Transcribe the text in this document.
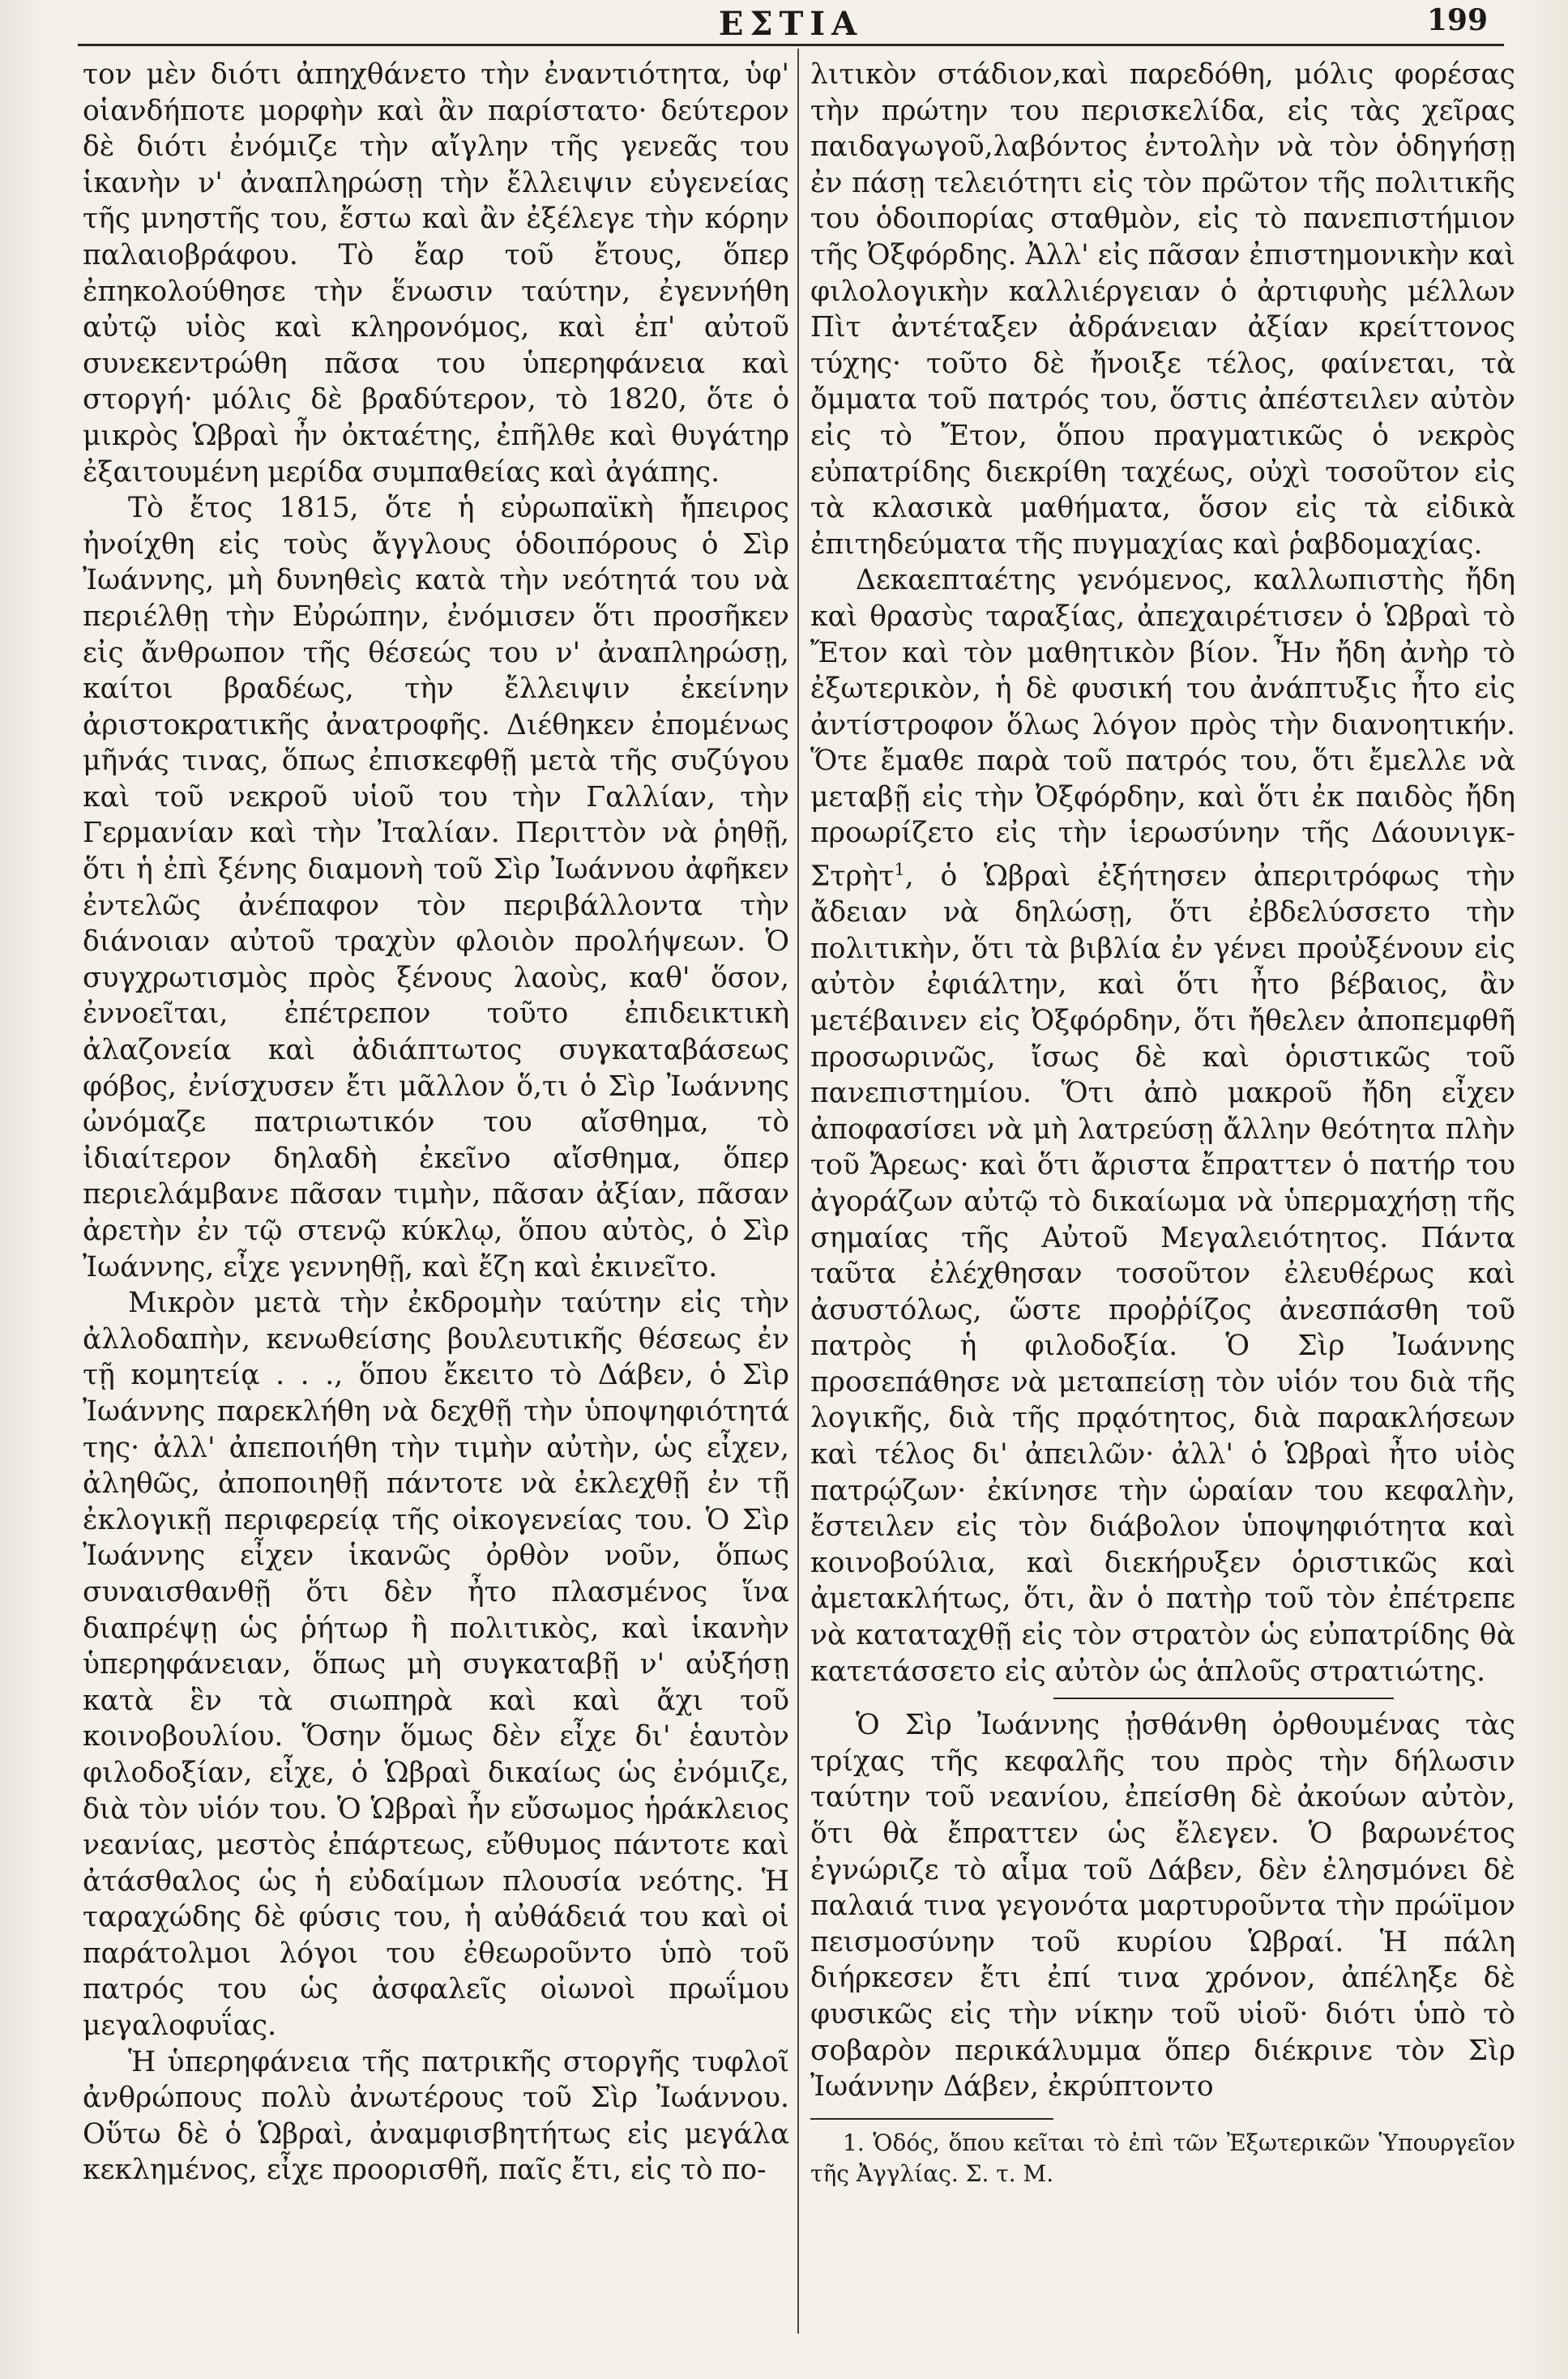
ΕΣΤΙΑ	199

τον μὲν διότι ἀπηχθάνετο τὴν ἐναντιότητα, ὑφ' οἱανδήποτε μορφὴν καὶ ἂν παρίστατο· δεύτερον δὲ διότι ἐνόμιζε τὴν αἴγλην τῆς γενεᾶς του ἱκανὴν ν' ἀναπληρώσῃ τὴν ἔλλειψιν εὐγενείας τῆς μνηστῆς του, ἔστω καὶ ἂν ἐξέλεγε τὴν κόρην παλαιοβράφου. Τὸ ἔαρ τοῦ ἔτους, ὅπερ ἐπηκολούθησε τὴν ἕνωσιν ταύτην, ἐγεννήθη αὐτῷ υἱὸς καὶ κληρονόμος, καὶ ἐπ' αὐτοῦ συνεκεντρώθη πᾶσα του ὑπερηφάνεια καὶ στοργή· μόλις δὲ βραδύτερον, τὸ 1820, ὅτε ὁ μικρὸς Ὡβραὶ ἦν ὀκταέτης, ἐπῆλθε καὶ θυγάτηρ ἐξαιτουμένη μερίδα συμπαθείας καὶ ἀγάπης.

Τὸ ἔτος 1815, ὅτε ἡ εὐρωπαϊκὴ ἤπειρος ἠνοίχθη εἰς τοὺς ἄγγλους ὁδοιπόρους ὁ Σὶρ Ἰωάννης, μὴ δυνηθεὶς κατὰ τὴν νεότητά του νὰ περιέλθῃ τὴν Εὐρώπην, ἐνόμισεν ὅτι προσῆκεν εἰς ἄνθρωπον τῆς θέσεώς του ν' ἀναπληρώσῃ, καίτοι βραδέως, τὴν ἔλλειψιν ἐκείνην ἀριστοκρατικῆς ἀνατροφῆς. Διέθηκεν ἐπομένως μῆνάς τινας, ὅπως ἐπισκεφθῇ μετὰ τῆς συζύγου καὶ τοῦ νεκροῦ υἱοῦ του τὴν Γαλλίαν, τὴν Γερμανίαν καὶ τὴν Ἰταλίαν. Περιττὸν νὰ ῥηθῇ, ὅτι ἡ ἐπὶ ξένης διαμονὴ τοῦ Σὶρ Ἰωάννου ἀφῆκεν ἐντελῶς ἀνέπαφον τὸν περιβάλλοντα τὴν διάνοιαν αὐτοῦ τραχὺν φλοιὸν προλήψεων. Ὁ συγχρωτισμὸς πρὸς ξένους λαοὺς, καθ' ὅσον, ἐννοεῖται, ἐπέτρεπον τοῦτο ἐπιδεικτικὴ ἀλαζονεία καὶ ἀδιάπτωτος συγκαταβάσεως φόβος, ἐνίσχυσεν ἔτι μᾶλλον ὅ,τι ὁ Σὶρ Ἰωάννης ὠνόμαζε πατριωτικόν του αἴσθημα, τὸ ἰδιαίτερον δηλαδὴ ἐκεῖνο αἴσθημα, ὅπερ περιελάμβανε πᾶσαν τιμὴν, πᾶσαν ἀξίαν, πᾶσαν ἀρετὴν ἐν τῷ στενῷ κύκλῳ, ὅπου αὐτὸς, ὁ Σὶρ Ἰωάννης, εἶχε γεννηθῇ, καὶ ἔζη καὶ ἐκινεῖτο.

Μικρὸν μετὰ τὴν ἐκδρομὴν ταύτην εἰς τὴν ἀλλοδαπὴν, κενωθείσης βουλευτικῆς θέσεως ἐν τῇ κομητείᾳ . . ., ὅπου ἔκειτο τὸ Δάβεν, ὁ Σὶρ Ἰωάννης παρεκλήθη νὰ δεχθῇ τὴν ὑποψηφιότητά της· ἀλλ' ἀπεποιήθη τὴν τιμὴν αὐτὴν, ὡς εἶχεν, ἀληθῶς, ἀποποιηθῇ πάντοτε νὰ ἐκλεχθῇ ἐν τῇ ἐκλογικῇ περιφερείᾳ τῆς οἰκογενείας του. Ὁ Σὶρ Ἰωάννης εἶχεν ἱκανῶς ὀρθὸν νοῦν, ὅπως συναισθανθῇ ὅτι δὲν ἦτο πλασμένος ἵνα διαπρέψῃ ὡς ῥήτωρ ἢ πολιτικὸς, καὶ ἱκανὴν ὑπερηφάνειαν, ὅπως μὴ συγκαταβῇ ν' αὐξήσῃ κατὰ ἓν τὰ σιωπηρὰ καὶ καὶ ἄχι τοῦ κοινοβουλίου. Ὅσην ὅμως δὲν εἶχε δι' ἑαυτὸν φιλοδοξίαν, εἶχε, ὁ Ὡβραὶ δικαίως ὡς ἐνόμιζε, διὰ τὸν υἱόν του. Ὁ Ὡβραὶ ἦν εὔσωμος ἡράκλειος νεανίας, μεστὸς ἐπάρτεως, εὔθυμος πάντοτε καὶ ἀτάσθαλος ὡς ἡ εὐδαίμων πλουσία νεότης. Ἡ ταραχώδης δὲ φύσις του, ἡ αὐθάδειά του καὶ οἱ παράτολμοι λόγοι του ἐθεωροῦντο ὑπὸ τοῦ πατρός του ὡς ἀσφαλεῖς οἰωνοὶ πρωΐμου μεγαλοφυΐας.

Ἡ ὑπερηφάνεια τῆς πατρικῆς στοργῆς τυφλοῖ ἀνθρώπους πολὺ ἀνωτέρους τοῦ Σὶρ Ἰωάννου. Οὕτω δὲ ὁ Ὡβραὶ, ἀναμφισβητήτως εἰς μεγάλα κεκλημένος, εἶχε προορισθῆ, παῖς ἔτι, εἰς τὸ πο-

λιτικὸν στάδιον,καὶ παρεδόθη, μόλις φορέσας τὴν πρώτην του περισκελίδα, εἰς τὰς χεῖρας παιδαγωγοῦ,λαβόντος ἐντολὴν νὰ τὸν ὁδηγήσῃ ἐν πάσῃ τελειότητι εἰς τὸν πρῶτον τῆς πολιτικῆς του ὁδοιπορίας σταθμὸν, εἰς τὸ πανεπιστήμιον τῆς Ὀξφόρδης. Ἀλλ' εἰς πᾶσαν ἐπιστημονικὴν καὶ φιλολογικὴν καλλιέργειαν ὁ ἀρτιφυὴς μέλλων Πὶτ ἀντέταξεν ἀδράνειαν ἀξίαν κρείττονος τύχης· τοῦτο δὲ ἤνοιξε τέλος, φαίνεται, τὰ ὄμματα τοῦ πατρός του, ὅστις ἀπέστειλεν αὐτὸν εἰς τὸ Ἔτον, ὅπου πραγματικῶς ὁ νεκρὸς εὐπατρίδης διεκρίθη ταχέως, οὐχὶ τοσοῦτον εἰς τὰ κλασικὰ μαθήματα, ὅσον εἰς τὰ εἰδικὰ ἐπιτηδεύματα τῆς πυγμαχίας καὶ ῥαβδομαχίας.

Δεκαεπταέτης γενόμενος, καλλωπιστὴς ἤδη καὶ θρασὺς ταραξίας, ἀπεχαιρέτισεν ὁ Ὡβραὶ τὸ Ἔτον καὶ τὸν μαθητικὸν βίον. Ἦν ἤδη ἀνὴρ τὸ ἐξωτερικὸν, ἡ δὲ φυσική του ἀνάπτυξις ἦτο εἰς ἀντίστροφον ὅλως λόγον πρὸς τὴν διανοητικήν. Ὅτε ἔμαθε παρὰ τοῦ πατρός του, ὅτι ἔμελλε νὰ μεταβῇ εἰς τὴν Ὀξφόρδην, καὶ ὅτι ἐκ παιδὸς ἤδη προωρίζετο εἰς τὴν ἱερωσύνην τῆς Δάουνιγκ-Στρὴτ$^1$, ὁ Ὡβραὶ ἐξήτησεν ἀπεριτρόφως τὴν ἄδειαν νὰ δηλώσῃ, ὅτι ἐβδελύσσετο τὴν πολιτικὴν, ὅτι τὰ βιβλία ἐν γένει προὐξένουν εἰς αὐτὸν ἐφιάλτην, καὶ ὅτι ἦτο βέβαιος, ἂν μετέβαινεν εἰς Ὀξφόρδην, ὅτι ἤθελεν ἀποπεμφθῆ προσωρινῶς, ἴσως δὲ καὶ ὁριστικῶς τοῦ πανεπιστημίου. Ὅτι ἀπὸ μακροῦ ἤδη εἶχεν ἀποφασίσει νὰ μὴ λατρεύσῃ ἄλλην θεότητα πλὴν τοῦ Ἄρεως· καὶ ὅτι ἄριστα ἔπραττεν ὁ πατήρ του ἀγοράζων αὐτῷ τὸ δικαίωμα νὰ ὑπερμαχήσῃ τῆς σημαίας τῆς Αὐτοῦ Μεγαλειότητος. Πάντα ταῦτα ἐλέχθησαν τοσοῦτον ἐλευθέρως καὶ ἀσυστόλως, ὥστε προῤῥίζος ἀνεσπάσθη τοῦ πατρὸς ἡ φιλοδοξία. Ὁ Σὶρ Ἰωάννης προσεπάθησε νὰ μεταπείσῃ τὸν υἱόν του διὰ τῆς λογικῆς, διὰ τῆς πρᾳότητος, διὰ παρακλήσεων καὶ τέλος δι' ἀπειλῶν· ἀλλ' ὁ Ὡβραὶ ἦτο υἱὸς πατρῴζων· ἐκίνησε τὴν ὡραίαν του κεφαλὴν, ἔστειλεν εἰς τὸν διάβολον ὑποψηφιότητα καὶ κοινοβούλια, καὶ διεκήρυξεν ὁριστικῶς καὶ ἀμετακλήτως, ὅτι, ἂν ὁ πατὴρ τοῦ τὸν ἐπέτρεπε νὰ καταταχθῇ εἰς τὸν στρατὸν ὡς εὐπατρίδης θὰ κατετάσσετο εἰς αὐτὸν ὡς ἁπλοῦς στρατιώτης.

Ὁ Σὶρ Ἰωάννης ᾐσθάνθη ὀρθουμένας τὰς τρίχας τῆς κεφαλῆς του πρὸς τὴν δήλωσιν ταύτην τοῦ νεανίου, ἐπείσθη δὲ ἀκούων αὐτὸν, ὅτι θὰ ἔπραττεν ὡς ἔλεγεν. Ὁ βαρωνέτος ἐγνώριζε τὸ αἷμα τοῦ Δάβεν, δὲν ἐλησμόνει δὲ παλαιά τινα γεγονότα μαρτυροῦντα τὴν πρώϊμον πεισμοσύνην τοῦ κυρίου Ὡβραί. Ἡ πάλη διήρκεσεν ἔτι ἐπί τινα χρόνον, ἀπέληξε δὲ φυσικῶς εἰς τὴν νίκην τοῦ υἱοῦ· διότι ὑπὸ τὸ σοβαρὸν περικάλυμμα ὅπερ διέκρινε τὸν Σὶρ Ἰωάννην Δάβεν, ἐκρύπτοντο

1. Ὁδός, ὅπου κεῖται τὸ ἐπὶ τῶν Ἐξωτερικῶν Ὑπουργεῖον τῆς Ἀγγλίας. Σ. τ. Μ.
